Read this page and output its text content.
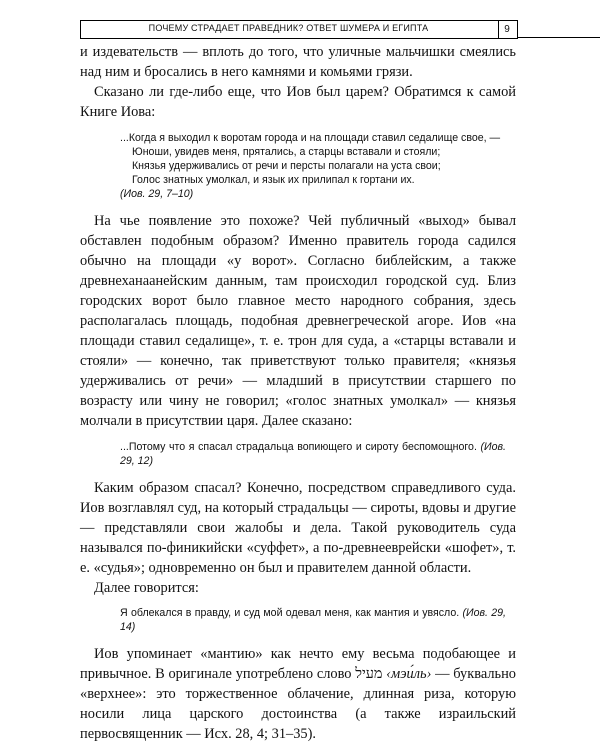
ПОЧЕМУ СТРАДАЕТ ПРАВЕДНИК? ОТВЕТ ШУМЕРА И ЕГИПТА	9

и издевательств — вплоть до того, что уличные мальчишки смеялись над ним и бросались в него камнями и комьями грязи.

Сказано ли где-либо еще, что Иов был царем? Обратимся к самой Книге Иова:

...Когда я выходил к воротам города и на площади ставил седалище свое, —

Юноши, увидев меня, прятались, а старцы вставали и стояли;

Князья удерживались от речи и персты полагали на уста свои;

Голос знатных умолкал, и язык их прилипал к гортани их.

(Иов. 29, 7–10)

На чье появление это похоже? Чей публичный «выход» бывал обставлен подобным образом? Именно правитель города садился обычно на площади «у ворот». Согласно библейским, а также древнеханаанейским данным, там происходил городской суд. Близ городских ворот было главное место народного собрания, здесь располагалась площадь, подобная древнегреческой агоре. Иов «на площади ставил седалище», т. е. трон для суда, а «старцы вставали и стояли» — конечно, так приветствуют только правителя; «князья удерживались от речи» — младший в присутствии старшего по возрасту или чину не говорил; «голос знатных умолкал» — князья молчали в присутствии царя. Далее сказано:

...Потому что я спасал страдальца вопиющего и сироту беспомощного. (Иов. 29, 12)

Каким образом спасал? Конечно, посредством справедливого суда. Иов возглавлял суд, на который страдальцы — сироты, вдовы и другие — представляли свои жалобы и дела. Такой руководитель суда назывался по-финикийски «суффет», а по-древнееврейски «шофет», т. е. «судья»; одновременно он был и правителем данной области.

Далее говорится:

Я облекался в правду, и суд мой одевал меня, как мантия и увясло. (Иов. 29, 14)

Иов упоминает «мантию» как нечто ему весьма подобающее и привычное. В оригинале употреблено слово מעיל ‹мэи́ль› — буквально «верхнее»: это торжественное облачение, длинная риза, которую носили лица царского достоинства (а также израильский первосвященник — Исх. 28, 4; 31–35).
